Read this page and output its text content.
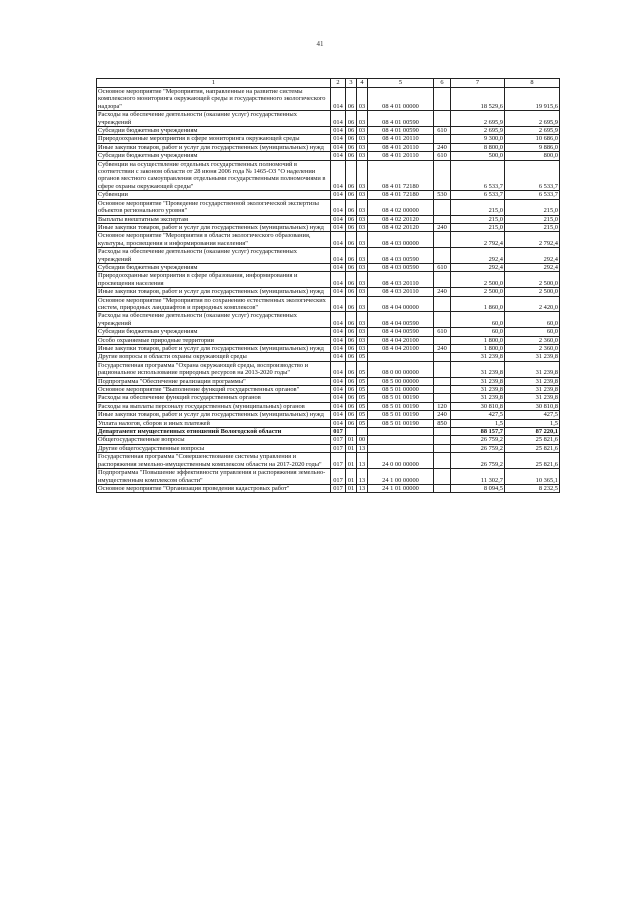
41
1	2	3	4	5	6	7	8
Основное мероприятие "Мероприятия, направленные на развитие системы комплексного мониторинга окружающей среды и государственного экологического надзора"	014	06	03	08 4 01 00000		18 529,6	19 915,6
Расходы на обеспечение деятельности (оказание услуг) государственных учреждений	014	06	03	08 4 01 00590		2 695,9	2 695,9
Субсидии бюджетным учреждениям	014	06	03	08 4 01 00590	610	2 695,9	2 695,9
Природоохранные мероприятия в сфере мониторинга окружающей среды	014	06	03	08 4 01 20110		9 300,0	10 686,0
Иные закупки товаров, работ и услуг для государственных (муниципальных) нужд	014	06	03	08 4 01 20110	240	8 800,0	9 886,0
Субсидии бюджетным учреждениям	014	06	03	08 4 01 20110	610	500,0	800,0
Субвенции на осуществление отдельных государственных полномочий в соответствии с законом области от 28 июня 2006 года № 1465-ОЗ "О наделении органов местного самоуправления отдельными государственными полномочиями в сфере охраны окружающей среды"	014	06	03	08 4 01 72180		6 533,7	6 533,7
Субвенции	014	06	03	08 4 01 72180	530	6 533,7	6 533,7
Основное мероприятие "Проведение государственной экологической экспертизы объектов регионального уровня"	014	06	03	08 4 02 00000		215,0	215,0
Выплаты внештатным экспертам	014	06	03	08 4 02 20120		215,0	215,0
Иные закупки товаров, работ и услуг для государственных (муниципальных) нужд	014	06	03	08 4 02 20120	240	215,0	215,0
Основное мероприятие "Мероприятия в области экологического образования, культуры, просвещения и информирования населения"	014	06	03	08 4 03 00000		2 792,4	2 792,4
Расходы на обеспечение деятельности (оказание услуг) государственных учреждений	014	06	03	08 4 03 00590		292,4	292,4
Субсидии бюджетным учреждениям	014	06	03	08 4 03 00590	610	292,4	292,4
Природоохранные мероприятия в сфере образования, информирования и просвещения населения	014	06	03	08 4 03 20110		2 500,0	2 500,0
Иные закупки товаров, работ и услуг для государственных (муниципальных) нужд	014	06	03	08 4 03 20110	240	2 500,0	2 500,0
Основное мероприятие "Мероприятия по сохранению естественных экологических систем, природных ландшафтов и природных комплексов"	014	06	03	08 4 04 00000		1 860,0	2 420,0
Расходы на обеспечение деятельности (оказание услуг) государственных учреждений	014	06	03	08 4 04 00590		60,0	60,0
Субсидии бюджетным учреждениям	014	06	03	08 4 04 00590	610	60,0	60,0
Особо охраняемые природные территории	014	06	03	08 4 04 20100		1 800,0	2 360,0
Иные закупки товаров, работ и услуг для государственных (муниципальных) нужд	014	06	03	08 4 04 20100	240	1 800,0	2 360,0
Другие вопросы в области охраны окружающей среды	014	06	05			31 239,8	31 239,8
Государственная программа "Охрана окружающей среды, воспроизводство и рациональное использование природных ресурсов на 2013-2020 годы"	014	06	05	08 0 00 00000		31 239,8	31 239,8
Подпрограмма "Обеспечение реализации программы"	014	06	05	08 5 00 00000		31 239,8	31 239,8
Основное мероприятие "Выполнение функций государственных органов"	014	06	05	08 5 01 00000		31 239,8	31 239,8
Расходы на обеспечение функций государственных органов	014	06	05	08 5 01 00190		31 239,8	31 239,8
Расходы на выплаты персоналу государственных (муниципальных) органов	014	06	05	08 5 01 00190	120	30 810,8	30 810,8
Иные закупки товаров, работ и услуг для государственных (муниципальных) нужд	014	06	05	08 5 01 00190	240	427,5	427,5
Уплата налогов, сборов и иных платежей	014	06	05	08 5 01 00190	850	1,5	1,5
Департамент имущественных отношений Вологодской области	017					88 157,7	87 220,1
Общегосударственные вопросы	017	01	00			26 759,2	25 821,6
Другие общегосударственные вопросы	017	01	13			26 759,2	25 821,6
Государственная программа "Совершенствование системы управления и распоряжения земельно-имущественным комплексом области на 2017-2020 годы"	017	01	13	24 0 00 00000		26 759,2	25 821,6
Подпрограмма "Повышение эффективности управления и распоряжения земельно-имущественным комплексом области"	017	01	13	24 1 00 00000		11 302,7	10 365,1
Основное мероприятие "Организация проведения кадастровых работ"	017	01	13	24 1 01 00000		8 094,5	8 232,5
